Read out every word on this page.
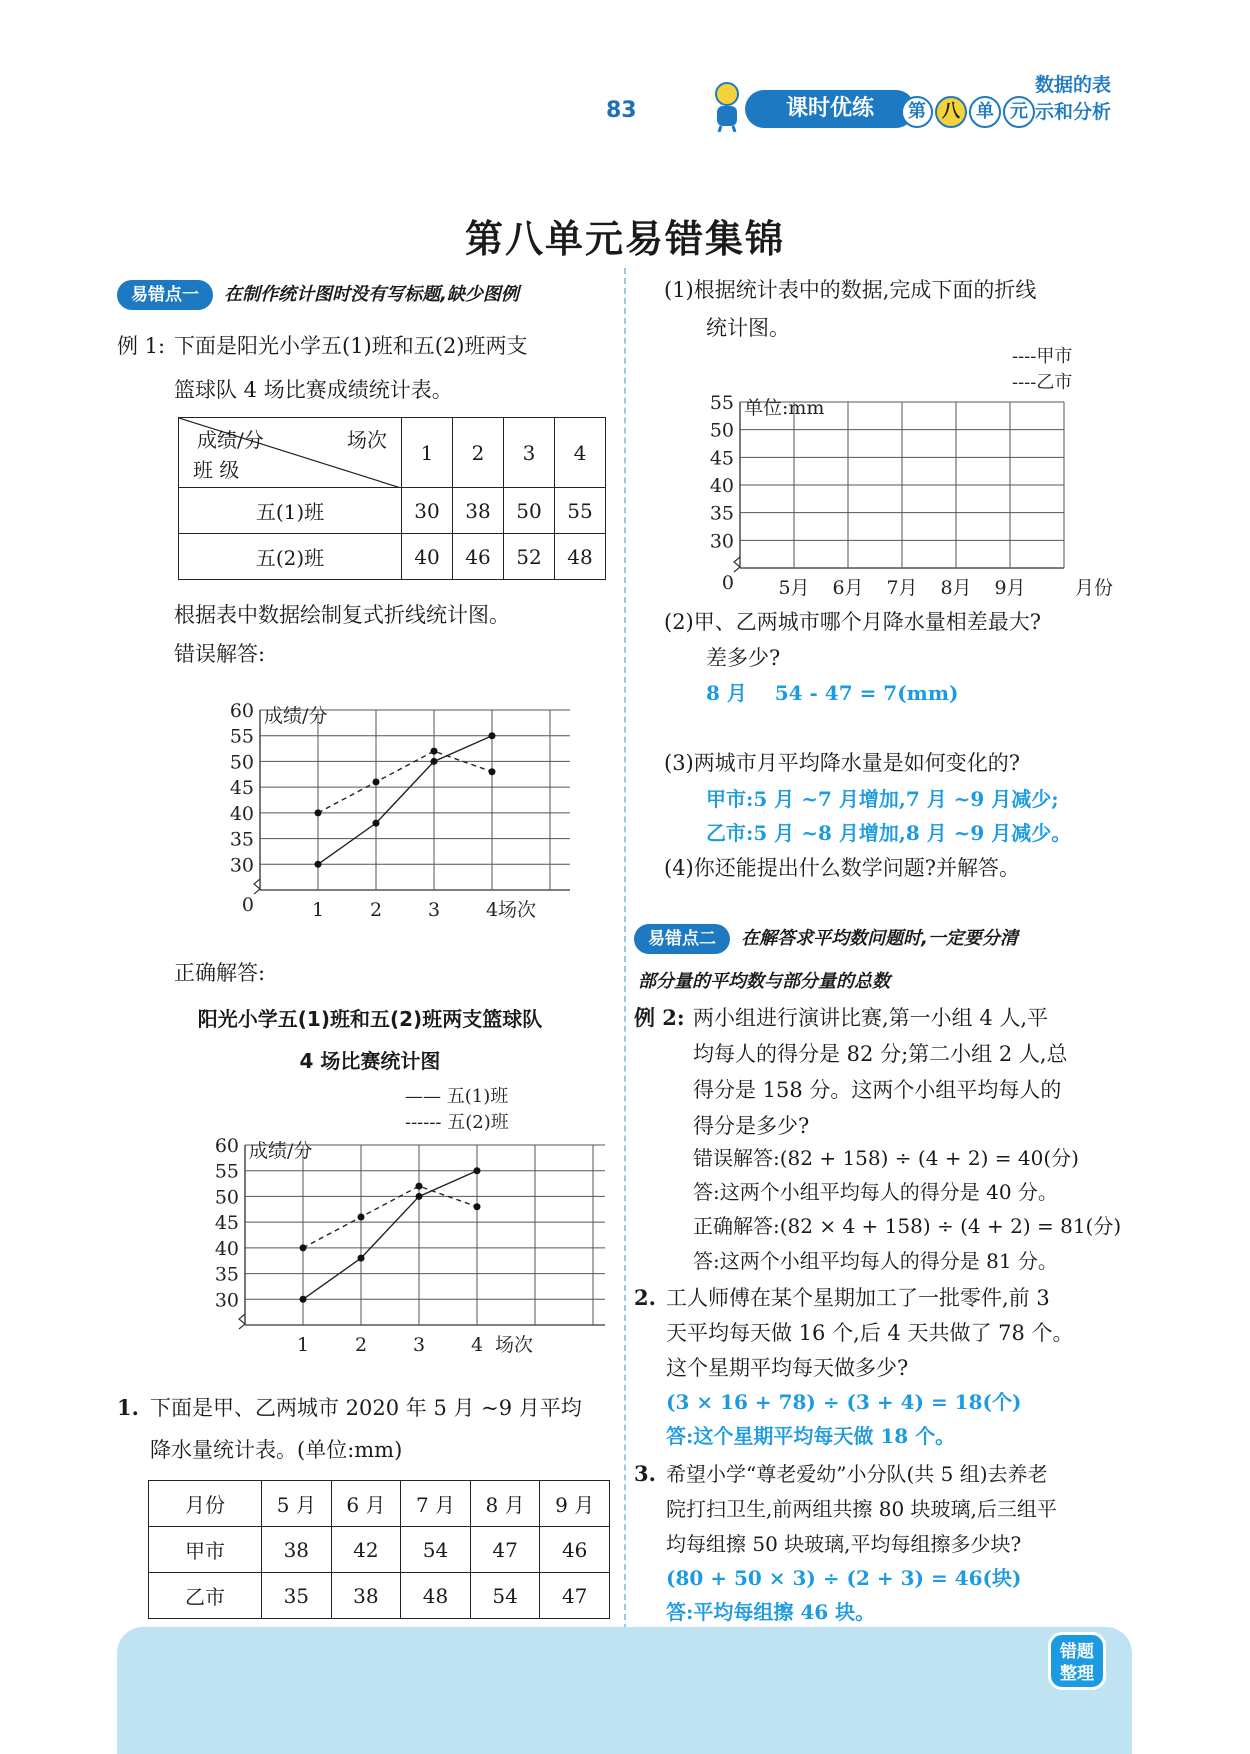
83	课时优练	第 八 单 元
数据的表
示和分析
第八单元易错集锦
易错点一 在制作统计图时没有写标题,缺少图例
例 1: 下面是阳光小学五(1)班和五(2)班两支
篮球队 4 场比赛成绩统计表。
成绩/分 场次
班 级	1	2	3	4
五(1)班	30	38	50	55
五(2)班	40	46	52	48
根据表中数据绘制复式折线统计图。
错误解答:
0
30
35
40
45
50
55
60
1 2 3 4 场次
成绩/分
正确解答:
阳光小学五(1)班和五(2)班两支篮球队
4 场比赛统计图
30
35
40
45
50
55
60
1 2 3 4 场次
成绩/分
—— 五(1)班
------ 五(2)班
1. 下面是甲、乙两城市 2020 年 5 月 ~9 月平均
降水量统计表。(单位:mm)
月份	5 月	6 月	7 月	8 月	9 月
甲市	38	42	54	47	46
乙市	35	38	48	54	47
(1)根据统计表中的数据,完成下面的折线
统计图。
0
30
35
40
45
50
55
5月 6月 7月 8月 9月	月份
单位:mm
----甲市
----乙市
(2)甲、乙两城市哪个月降水量相差最大?
差多少?
8 月    54 - 47 = 7(mm)
(3)两城市月平均降水量是如何变化的?
甲市:5 月 ~7 月增加,7 月 ~9 月减少;
乙市:5 月 ~8 月增加,8 月 ~9 月减少。
(4)你还能提出什么数学问题?并解答。
易错点二 在解答求平均数问题时,一定要分清
部分量的平均数与部分量的总数
例 2: 两小组进行演讲比赛,第一小组 4 人,平
均每人的得分是 82 分;第二小组 2 人,总
得分是 158 分。这两个小组平均每人的
得分是多少?
错误解答:(82 + 158) ÷ (4 + 2) = 40(分)
答:这两个小组平均每人的得分是 40 分。
正确解答:(82 × 4 + 158) ÷ (4 + 2) = 81(分)
答:这两个小组平均每人的得分是 81 分。
2. 工人师傅在某个星期加工了一批零件,前 3
天平均每天做 16 个,后 4 天共做了 78 个。
这个星期平均每天做多少?
(3 × 16 + 78) ÷ (3 + 4) = 18(个)
答:这个星期平均每天做 18 个。
3. 希望小学“尊老爱幼”小分队(共 5 组)去养老
院打扫卫生,前两组共擦 80 块玻璃,后三组平
均每组擦 50 块玻璃,平均每组擦多少块?
(80 + 50 × 3) ÷ (2 + 3) = 46(块)
答:平均每组擦 46 块。
错题
整理
